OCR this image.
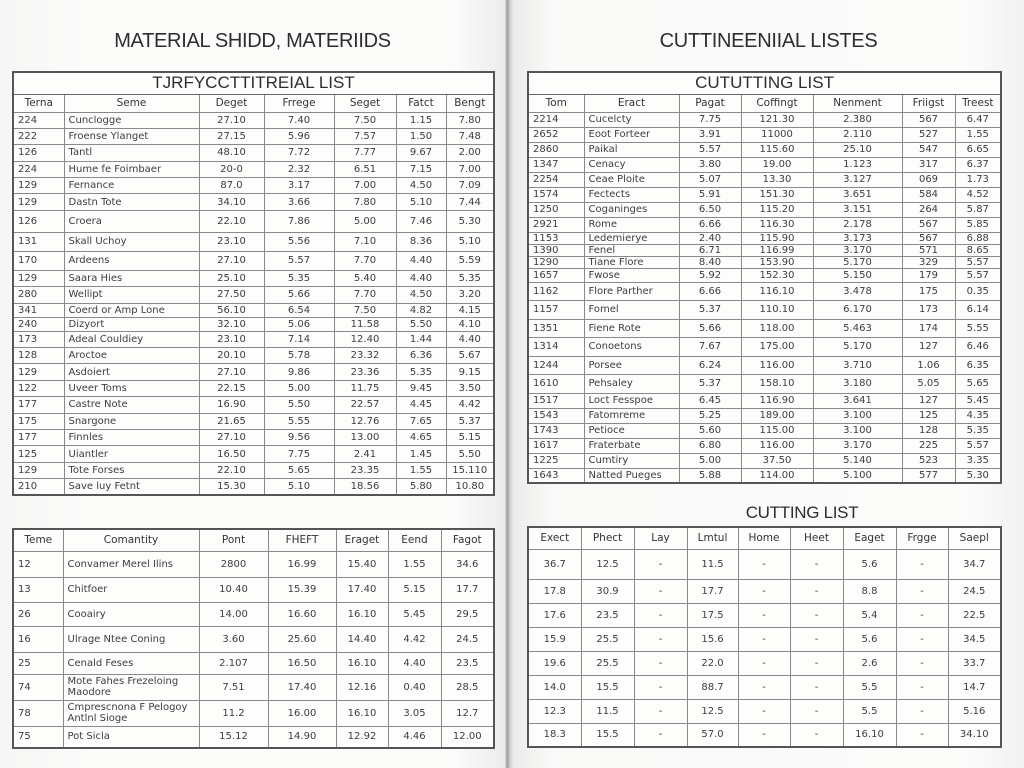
MATERIAL SHIDD, MATERIIDS
TJRFYCCTTITREIAL LIST						
Terna	Seme	Deget	Frrege	Seget	Fatct	Bengt
224	Cunclogge	27.10	7.40	7.50	1.15	7.80
222	Froense Ylanget	27.15	5.96	7.57	1.50	7.48
126	Tantl	48.10	7.72	7.77	9.67	2.00
224	Hume fe Foimbaer	20-0	2.32	6.51	7.15	7.00
129	Fernance	87.0	3.17	7.00	4.50	7.09
129	Dastn Tote	34.10	3.66	7.80	5.10	7.44
126	Croera	22.10	7.86	5.00	7.46	5.30
131	Skall Uchoy	23.10	5.56	7.10	8.36	5.10
170	Ardeens	27.10	5.57	7.70	4.40	5.59
129	Saara Hies	25.10	5.35	5.40	4.40	5.35
280	Wellipt	27.50	5.66	7.70	4.50	3.20
341	Coerd or Amp Lone	56.10	6.54	7.50	4.82	4.15
240	Dizyort	32.10	5.06	11.58	5.50	4.10
173	Adeal Couldiey	23.10	7.14	12.40	1.44	4.40
128	Aroctoe	20.10	5.78	23.32	6.36	5.67
129	Asdoiert	27.10	9.86	23.36	5.35	9.15
122	Uveer Toms	22.15	5.00	11.75	9.45	3.50
177	Castre Note	16.90	5.50	22.57	4.45	4.42
175	Snargone	21.65	5.55	12.76	7.65	5.37
177	Finnles	27.10	9.56	13.00	4.65	5.15
125	Uiantler	16.50	7.75	2.41	1.45	5.50
129	Tote Forses	22.10	5.65	23.35	1.55	15.110
210	Save luy Fetnt	15.30	5.10	18.56	5.80	10.80
Teme	Comantity	Pont	FHEFT	Eraget	Eend	Fagot
12	Convamer Merel Ilins	2800	16.99	15.40	1.55	34.6
13	Chitfoer	10.40	15.39	17.40	5.15	17.7
26	Cooairy	14.00	16.60	16.10	5.45	29.5
16	Ulrage Ntee Coning	3.60	25.60	14.40	4.42	24.5
25	Cenald Feses	2.107	16.50	16.10	4.40	23.5
74	Mote Fahes Frezeloing Maodore	7.51	17.40	12.16	0.40	28.5
78	Cmprescnona F Pelogoy Antlnl Sioge	11.2	16.00	16.10	3.05	12.7
75	Pot Sicla	15.12	14.90	12.92	4.46	12.00
CUTTINEENIIAL LISTES
CUTUTTING LIST						
Tom	Eract	Pagat	Coffingt	Nenment	Friigst	Treest
2214	Cucelcty	7.75	121.30	2.380	567	6.47
2652	Eoot Forteer	3.91	11000	2.110	527	1.55
2860	Paikal	5.57	115.60	25.10	547	6.65
1347	Cenacy	3.80	19.00	1.123	317	6.37
2254	Ceae Ploite	5.07	13.30	3.127	069	1.73
1574	Fectects	5.91	151.30	3.651	584	4.52
1250	Coganinges	6.50	115.20	3.151	264	5.87
2921	Rome	6.66	116.30	2.178	567	5.85
1153	Ledemierye	2.40	115.90	3.173	567	6.88
1390	Fenel	6.71	116.99	3.170	571	8.65
1290	Tiane Flore	8.40	153.90	5.170	329	5.57
1657	Fwose	5.92	152.30	5.150	179	5.57
1162	Flore Parther	6.66	116.10	3.478	175	0.35
1157	Fomel	5.37	110.10	6.170	173	6.14
1351	Fiene Rote	5.66	118.00	5.463	174	5.55
1314	Conoetons	7.67	175.00	5.170	127	6.46
1244	Porsee	6.24	116.00	3.710	1.06	6.35
1610	Pehsaley	5.37	158.10	3.180	5.05	5.65
1517	Loct Fesspoe	6.45	116.90	3.641	127	5.45
1543	Fatomreme	5.25	189.00	3.100	125	4.35
1743	Petioce	5.60	115.00	3.100	128	5.35
1617	Fraterbate	6.80	116.00	3.170	225	5.57
1225	Cumtiry	5.00	37.50	5.140	523	3.35
1643	Natted Pueges	5.88	114.00	5.100	577	5.30
CUTTING LIST
Exect	Phect	Lay	Lmtul	Home	Heet	Eaget	Frgge	Saepl
36.7	12.5	-	11.5	-	-	5.6	-	34.7
17.8	30.9	-	17.7	-	-	8.8	-	24.5
17.6	23.5	-	17.5	-	-	5.4	-	22.5
15.9	25.5	-	15.6	-	-	5.6	-	34.5
19.6	25.5	-	22.0	-	-	2.6	-	33.7
14.0	15.5	-	88.7	-	-	5.5	-	14.7
12.3	11.5	-	12.5	-	-	5.5	-	5.16
18.3	15.5	-	57.0	-	-	16.10	-	34.10
